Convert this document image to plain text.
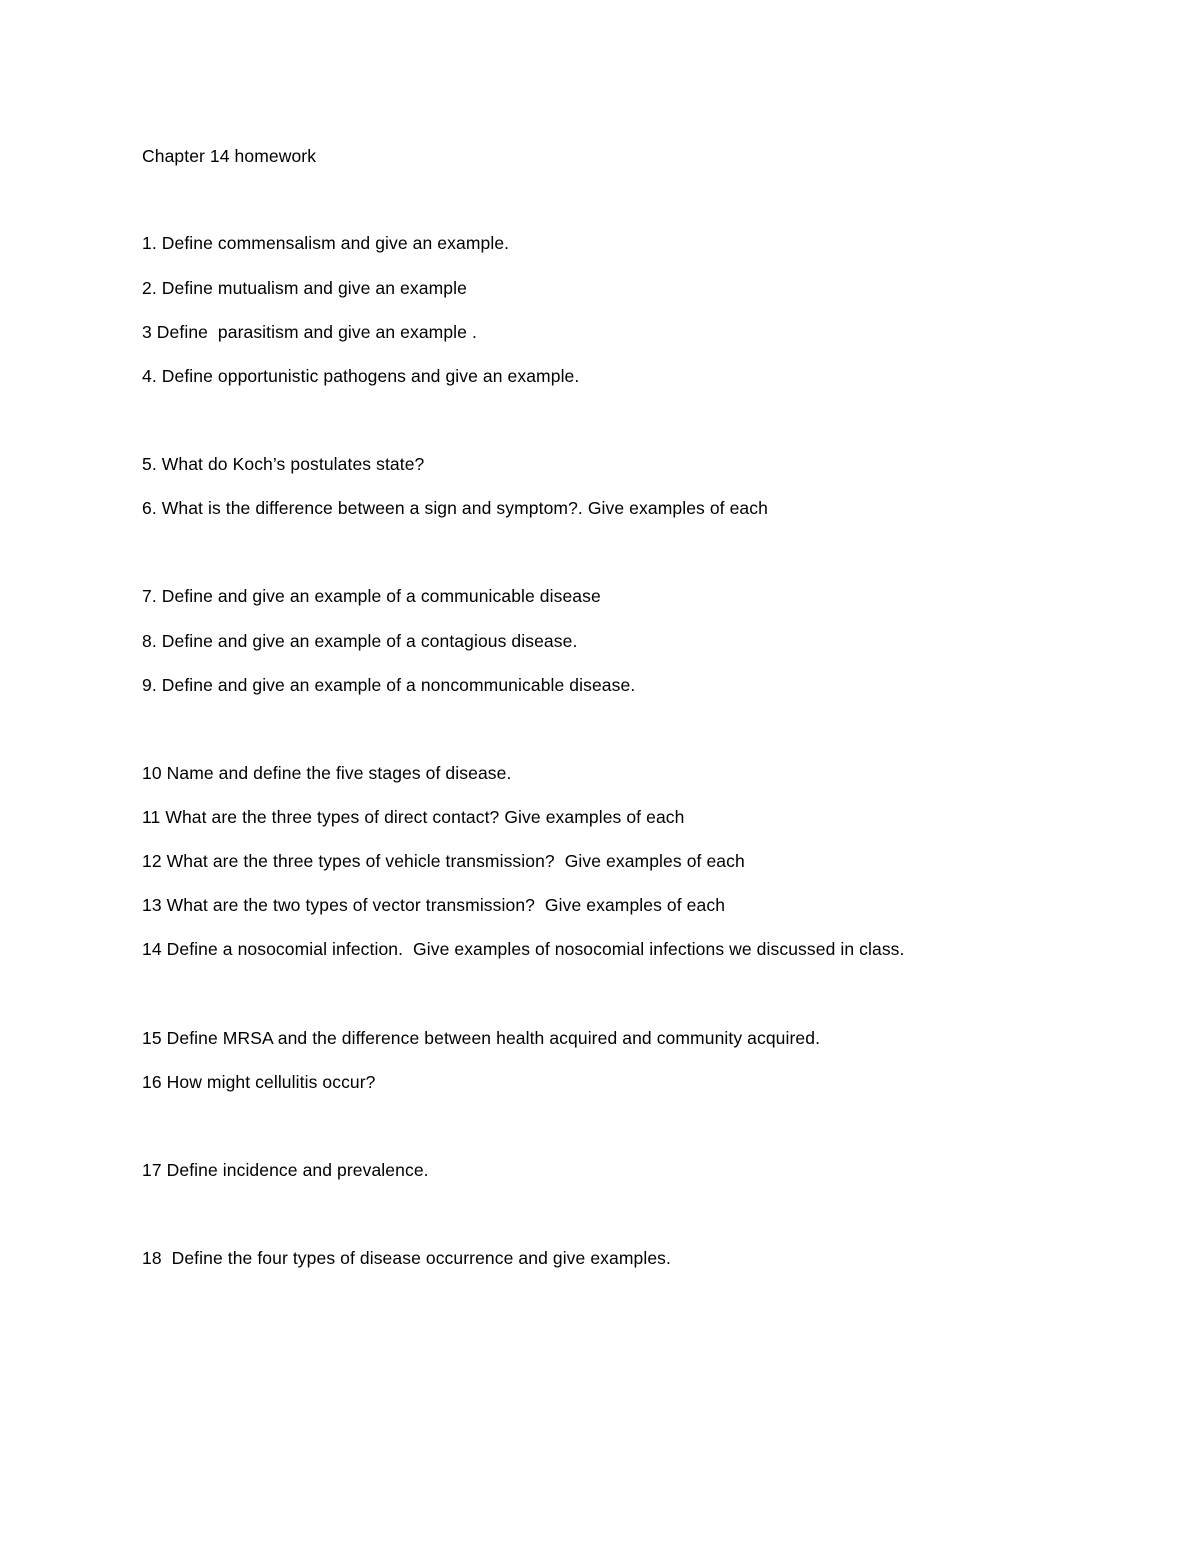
Chapter 14 homework
1. Define commensalism and give an example.
2. Define mutualism and give an example
3 Define  parasitism and give an example .
4. Define opportunistic pathogens and give an example.
5. What do Koch’s postulates state?
6. What is the difference between a sign and symptom?. Give examples of each
7. Define and give an example of a communicable disease
8. Define and give an example of a contagious disease.
9. Define and give an example of a noncommunicable disease.
10 Name and define the five stages of disease.
11 What are the three types of direct contact? Give examples of each
12 What are the three types of vehicle transmission?  Give examples of each
13 What are the two types of vector transmission?  Give examples of each
14 Define a nosocomial infection.  Give examples of nosocomial infections we discussed in class.
15 Define MRSA and the difference between health acquired and community acquired.
16 How might cellulitis occur?
17 Define incidence and prevalence.
18  Define the four types of disease occurrence and give examples.
